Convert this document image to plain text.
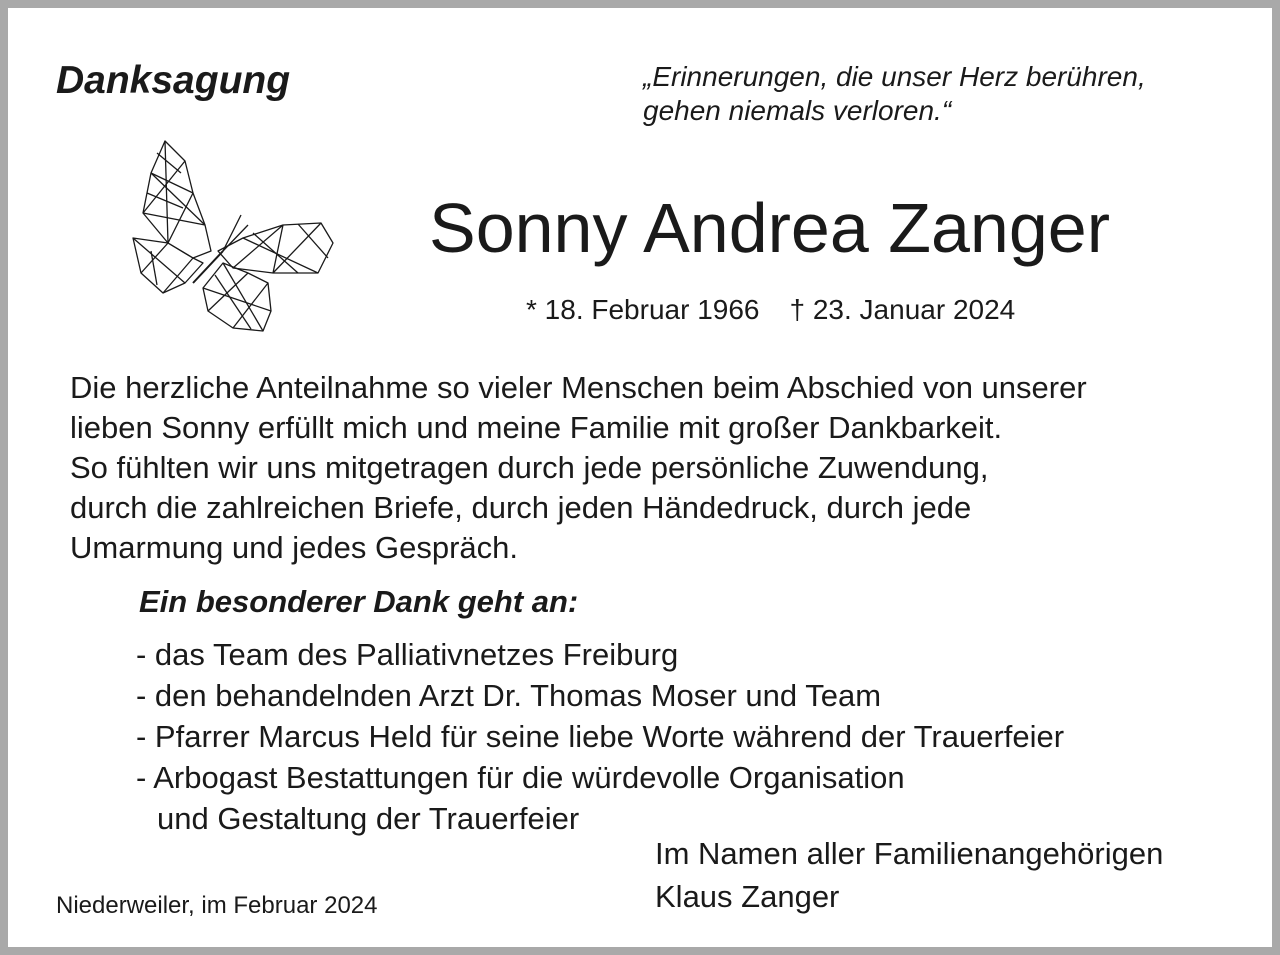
Danksagung	„Erinnerungen, die unser Herz berühren,
gehen niemals verloren.“
Sonny Andrea Zanger
* 18. Februar 1966 † 23. Januar 2024
Die herzliche Anteilnahme so vieler Menschen beim Abschied von unserer
lieben Sonny erfüllt mich und meine Familie mit großer Dankbarkeit.
So fühlten wir uns mitgetragen durch jede persönliche Zuwendung,
durch die zahlreichen Briefe, durch jeden Händedruck, durch jede
Umarmung und jedes Gespräch.
Ein besonderer Dank geht an:
- das Team des Palliativnetzes Freiburg
- den behandelnden Arzt Dr. Thomas Moser und Team
- Pfarrer Marcus Held für seine liebe Worte während der Trauerfeier
- Arbogast Bestattungen für die würdevolle Organisation
und Gestaltung der Trauerfeier
Im Namen aller Familienangehörigen
Klaus Zanger
Niederweiler, im Februar 2024
